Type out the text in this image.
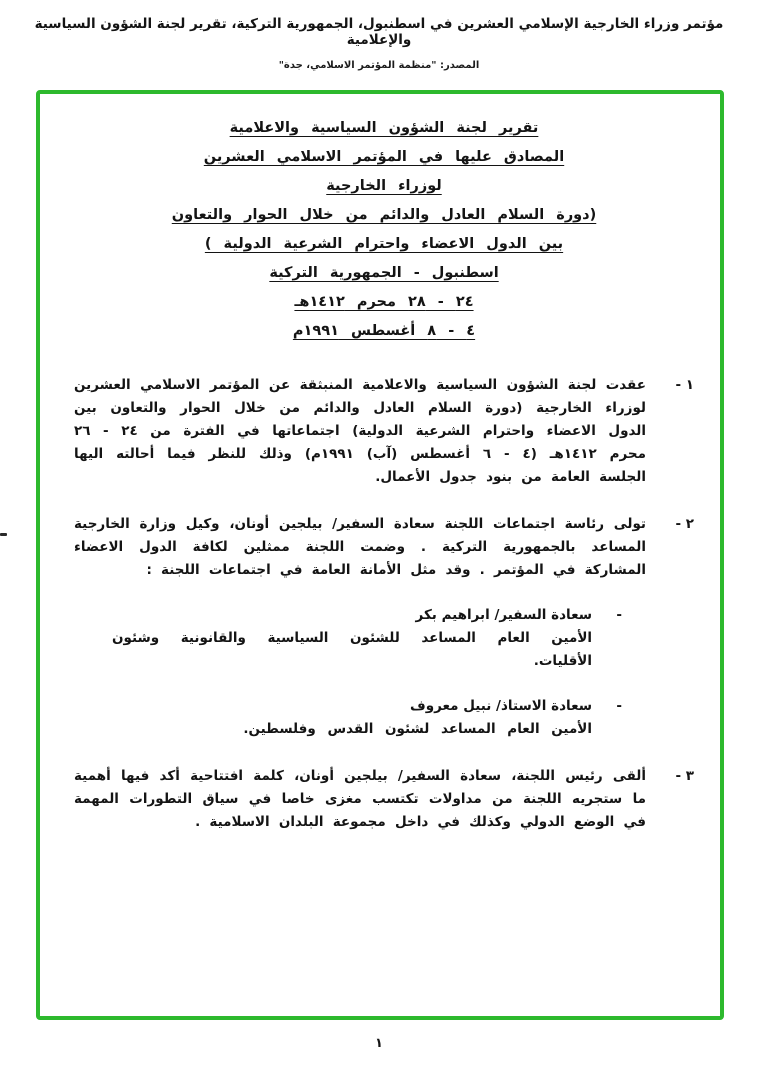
مؤتمر وزراء الخارجية الإسلامي العشرين في اسطنبول، الجمهورية التركية، تقرير لجنة الشؤون السياسية والإعلامية
المصدر: "منظمة المؤتمر الاسلامي، جدة"
تقرير لجنة الشؤون السياسية والاعلامية
المصادق عليها في المؤتمر الاسلامي العشرين
لوزراء الخارجية
(دورة السلام العادل والدائم من خلال الحوار والتعاون
بين الدول الاعضاء واحترام الشرعية الدولية )
اسطنبول - الجمهورية التركية
٢٤ - ٢٨ محرم ١٤١٢هـ
٤ - ٨ أغسطس ١٩٩١م
١ -
عقدت لجنة الشؤون السياسية والاعلامية المنبثقة عن المؤتمر الاسلامي العشرين لوزراء الخارجية (دورة السلام العادل والدائم من خلال الحوار والتعاون بين الدول الاعضاء واحترام الشرعية الدولية) اجتماعاتها في الفترة من ٢٤ - ٢٦ محرم ١٤١٢هـ (٤ - ٦ أغسطس (آب) ١٩٩١م) وذلك للنظر فيما أحالته اليها الجلسة العامة من بنود جدول الأعمال.
٢ -
تولى رئاسة اجتماعات اللجنة سعادة السفير/ بيلجين أونان، وكيل وزارة الخارجية المساعد بالجمهورية التركية . وضمت اللجنة ممثلين لكافة الدول الاعضاء المشاركة في المؤتمر . وقد مثل الأمانة العامة في اجتماعات اللجنة :
-
سعادة السفير/ ابراهيم بكر
الأمين العام المساعد للشئون السياسية والقانونية وشئون الأقليات.
-
سعادة الاستاذ/ نبيل معروف
الأمين العام المساعد لشئون القدس وفلسطين.
٣ -
ألقى رئيس اللجنة، سعادة السفير/ بيلجين أونان، كلمة افتتاحية أكد فيها أهمية ما ستجريه اللجنة من مداولات تكتسب مغزى خاصا في سياق التطورات المهمة في الوضع الدولي وكذلك في داخل مجموعة البلدان الاسلامية .
١
